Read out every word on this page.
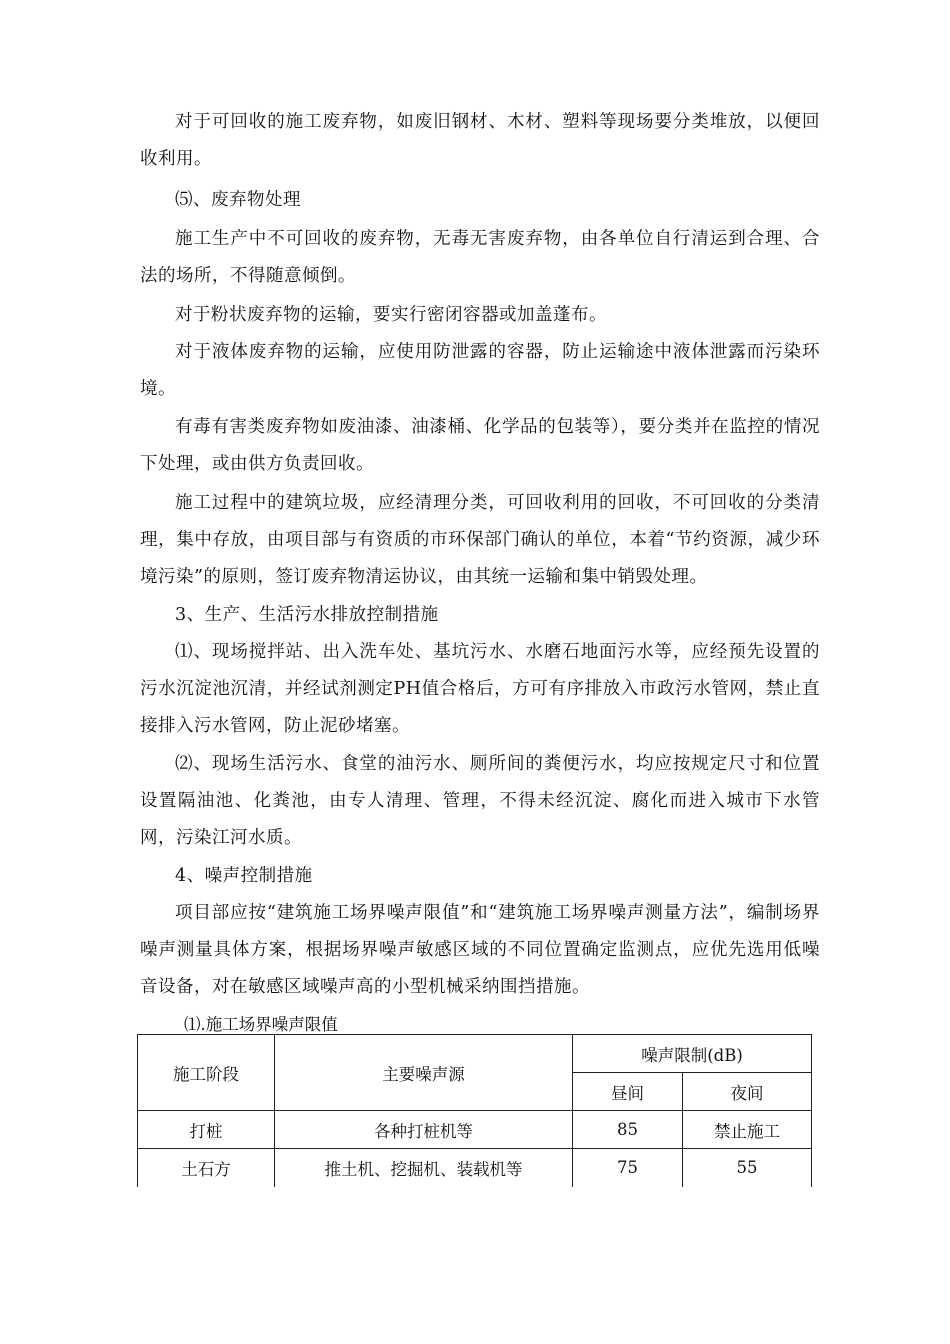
对于可回收的施工废弃物，如废旧钢材、木材、塑料等现场要分类堆放，以便回收利用。

⑸、废弃物处理

施工生产中不可回收的废弃物，无毒无害废弃物，由各单位自行清运到合理、合法的场所，不得随意倾倒。

对于粉状废弃物的运输，要实行密闭容器或加盖蓬布。

对于液体废弃物的运输，应使用防泄露的容器，防止运输途中液体泄露而污染环境。

有毒有害类废弃物如废油漆、油漆桶、化学品的包装等），要分类并在监控的情况下处理，或由供方负责回收。

施工过程中的建筑垃圾，应经清理分类，可回收利用的回收，不可回收的分类清理，集中存放，由项目部与有资质的市环保部门确认的单位，本着“节约资源，减少环境污染”的原则，签订废弃物清运协议，由其统一运输和集中销毁处理。

3、生产、生活污水排放控制措施

⑴、现场搅拌站、出入洗车处、基坑污水、水磨石地面污水等，应经预先设置的污水沉淀池沉清，并经试剂测定PH值合格后，方可有序排放入市政污水管网，禁止直接排入污水管网，防止泥砂堵塞。

⑵、现场生活污水、食堂的油污水、厕所间的粪便污水，均应按规定尺寸和位置设置隔油池、化粪池，由专人清理、管理，不得未经沉淀、腐化而进入城市下水管网，污染江河水质。

4、噪声控制措施

项目部应按“建筑施工场界噪声限值”和“建筑施工场界噪声测量方法”，编制场界噪声测量具体方案，根据场界噪声敏感区域的不同位置确定监测点，应优先选用低噪音设备，对在敏感区域噪声高的小型机械采纳围挡措施。

⑴.施工场界噪声限值

施工阶段	主要噪声源	噪声限制(dB)	
		昼间	夜间
打桩	各种打桩机等	85	禁止施工
土石方	推土机、挖掘机、装载机等	75	55
